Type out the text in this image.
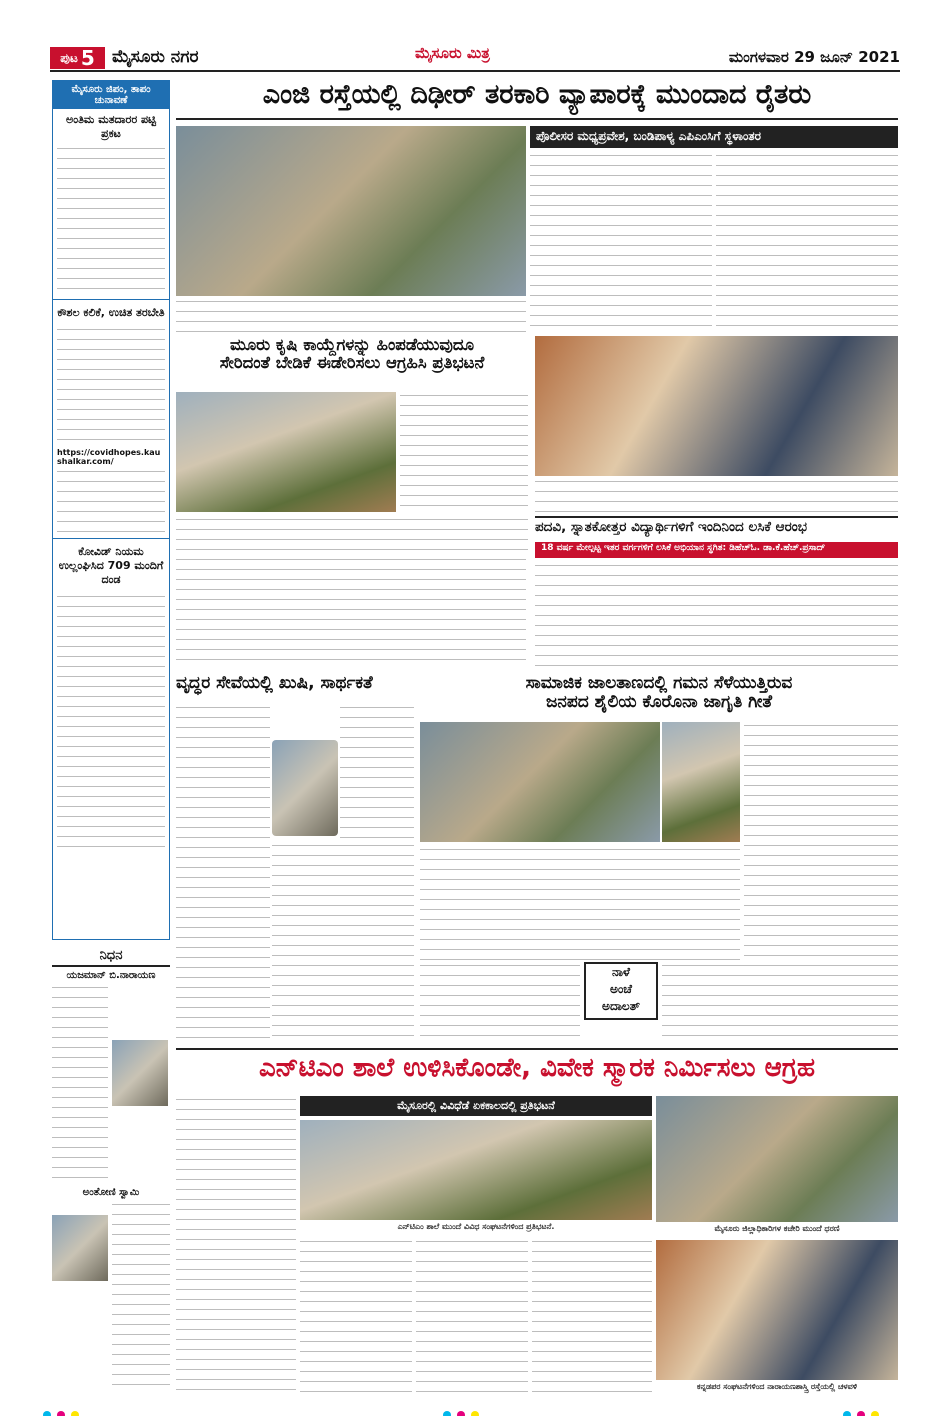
ಪುಟ 5 ಮೈಸೂರು ನಗರ	ಮೈಸೂರು ಮಿತ್ರ	ಮಂಗಳವಾರ 29 ಜೂನ್ 2021
ಮೈಸೂರು ಜಿಪಂ, ತಾಪಂ ಚುನಾವಣೆ
ಅಂತಿಮ ಮತದಾರರ ಪಟ್ಟಿ ಪ್ರಕಟ
ಕೌಶಲ ಕಲಿಕೆ, ಉಚಿತ ತರಬೇತಿ
https://covidhopes.kaushalkar.com/
ಕೋವಿಡ್ ನಿಯಮ ಉಲ್ಲಂಘಿಸಿದ 709 ಮಂದಿಗೆ ದಂಡ
ನಿಧನ
ಯಜಮಾನ್ ಬಿ.ನಾರಾಯಣ
ಅಂತೋಣಿ ಸ್ವಾಮಿ
ಎಂಜಿ ರಸ್ತೆಯಲ್ಲಿ ದಿಢೀರ್ ತರಕಾರಿ ವ್ಯಾಪಾರಕ್ಕೆ ಮುಂದಾದ ರೈತರು
ಪೊಲೀಸರ ಮಧ್ಯಪ್ರವೇಶ, ಬಂಡಿಪಾಳ್ಯ ಎಪಿಎಂಸಿಗೆ ಸ್ಥಳಾಂತರ
ಮೂರು ಕೃಷಿ ಕಾಯ್ದೆಗಳನ್ನು ಹಿಂಪಡೆಯುವುದೂ
ಸೇರಿದಂತೆ ಬೇಡಿಕೆ ಈಡೇರಿಸಲು ಆಗ್ರಹಿಸಿ ಪ್ರತಿಭಟನೆ
ಪದವಿ, ಸ್ನಾತಕೋತ್ತರ ವಿದ್ಯಾರ್ಥಿಗಳಿಗೆ ಇಂದಿನಿಂದ ಲಸಿಕೆ ಆರಂಭ
18 ವರ್ಷ ಮೇಲ್ಪಟ್ಟ ಇತರ ವರ್ಗಗಳಿಗೆ ಲಸಿಕೆ ಅಭಿಯಾನ ಸ್ಥಗಿತ: ಡಿಹೆಚ್‌ಓ. ಡಾ.ಕೆ.ಹೆಚ್.ಪ್ರಸಾದ್
ವೃದ್ಧರ ಸೇವೆಯಲ್ಲಿ ಖುಷಿ, ಸಾರ್ಥಕತೆ	ಸಾಮಾಜಿಕ ಜಾಲತಾಣದಲ್ಲಿ ಗಮನ ಸೆಳೆಯುತ್ತಿರುವ
ಜನಪದ ಶೈಲಿಯ ಕೊರೊನಾ ಜಾಗೃತಿ ಗೀತೆ
ನಾಳೆ
ಅಂಚೆ
ಅದಾಲತ್
ಎನ್‌ಟಿಎಂ ಶಾಲೆ ಉಳಿಸಿಕೊಂಡೇ, ವಿವೇಕ ಸ್ಮಾರಕ ನಿರ್ಮಿಸಲು ಆಗ್ರಹ
ಮೈಸೂರಲ್ಲಿ ವಿವಿಧೆಡೆ ಏಕಕಾಲದಲ್ಲಿ ಪ್ರತಿಭಟನೆ
ಎನ್‌ಟಿಎಂ ಶಾಲೆ ಮುಂದೆ ವಿವಿಧ ಸಂಘಟನೆಗಳಿಂದ ಪ್ರತಿಭಟನೆ.	ಮೈಸೂರು ಜಿಲ್ಲಾಧಿಕಾರಿಗಳ ಕಚೇರಿ ಮುಂದೆ ಧರಣಿ
ಕನ್ನಡಪರ ಸಂಘಟನೆಗಳಿಂದ ನಾರಾಯಣಶಾಸ್ತ್ರಿ ರಸ್ತೆಯಲ್ಲಿ ಚಳವಳಿ
